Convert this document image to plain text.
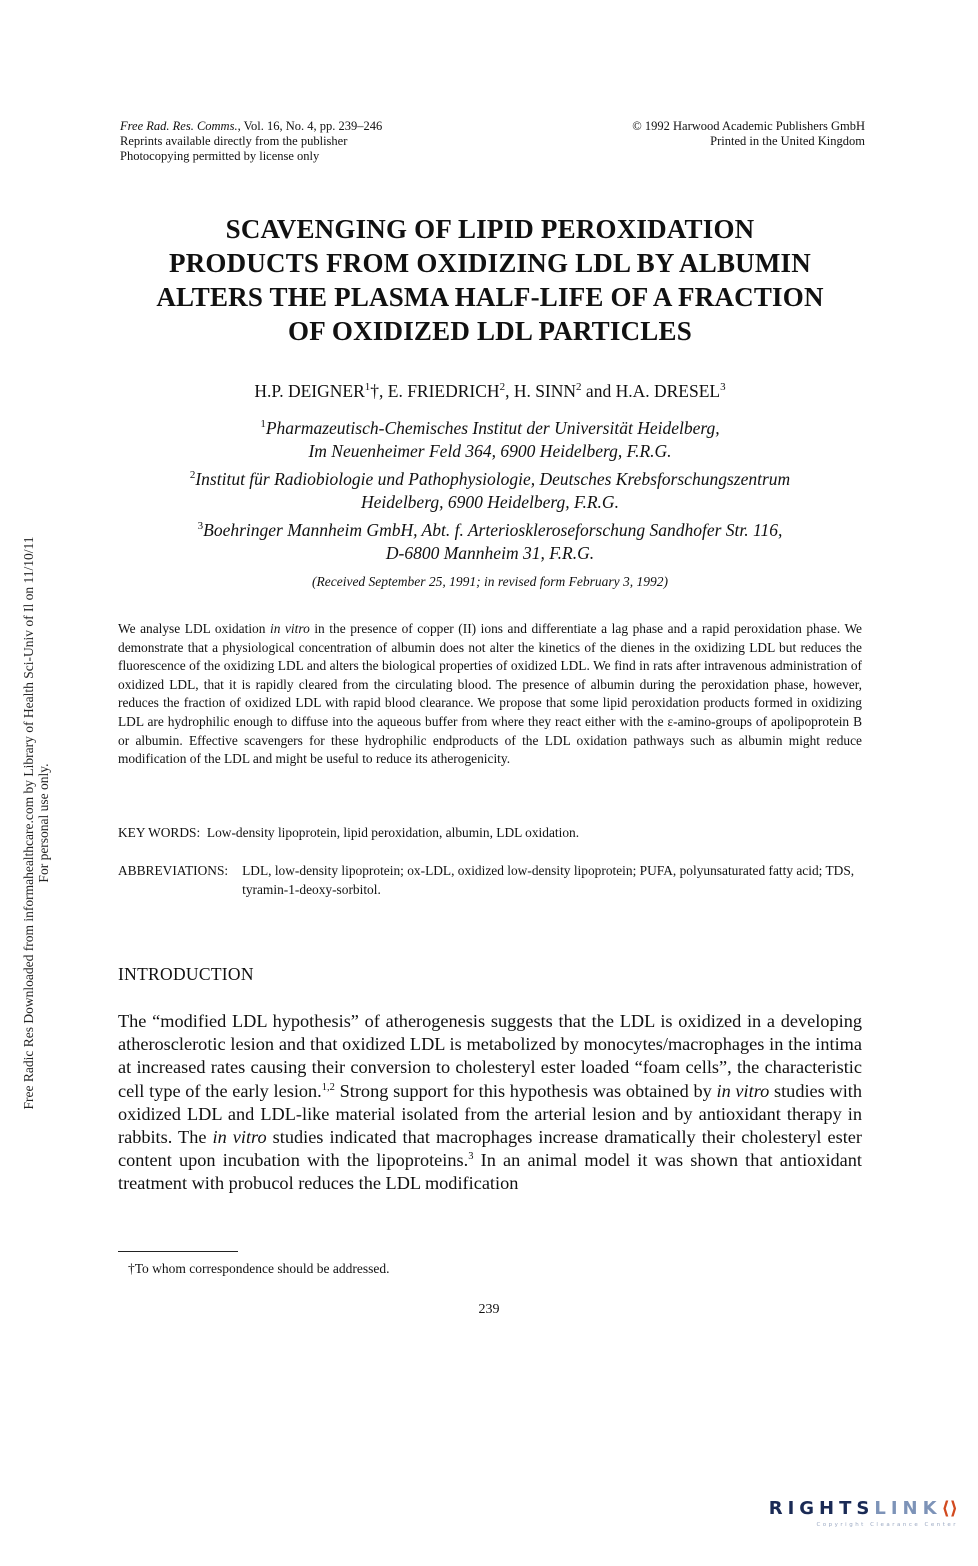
Free Rad. Res. Comms., Vol. 16, No. 4, pp. 239–246
Reprints available directly from the publisher
Photocopying permitted by license only
© 1992 Harwood Academic Publishers GmbH
Printed in the United Kingdom
SCAVENGING OF LIPID PEROXIDATION
PRODUCTS FROM OXIDIZING LDL BY ALBUMIN
ALTERS THE PLASMA HALF-LIFE OF A FRACTION
OF OXIDIZED LDL PARTICLES
H.P. DEIGNER$^1$†, E. FRIEDRICH$^2$, H. SINN$^2$ and H.A. DRESEL$^3$
$^1$Pharmazeutisch-Chemisches Institut der Universität Heidelberg,
Im Neuenheimer Feld 364, 6900 Heidelberg, F.R.G.
$^2$Institut für Radiobiologie und Pathophysiologie, Deutsches Krebsforschungszentrum
Heidelberg, 6900 Heidelberg, F.R.G.
$^3$Boehringer Mannheim GmbH, Abt. f. Arterioskleroseforschung Sandhofer Str. 116,
D-6800 Mannheim 31, F.R.G.
(Received September 25, 1991; in revised form February 3, 1992)
We analyse LDL oxidation in vitro in the presence of copper (II) ions and differentiate a lag phase and a rapid peroxidation phase. We demonstrate that a physiological concentration of albumin does not alter the kinetics of the dienes in the oxidizing LDL but reduces the fluorescence of the oxidizing LDL and alters the biological properties of oxidized LDL. We find in rats after intravenous administration of oxidized LDL, that it is rapidly cleared from the circulating blood. The presence of albumin during the peroxidation phase, however, reduces the fraction of oxidized LDL with rapid blood clearance. We propose that some lipid peroxidation products formed in oxidizing LDL are hydrophilic enough to diffuse into the aqueous buffer from where they react either with the ε-amino-groups of apolipoprotein B or albumin. Effective scavengers for these hydrophilic endproducts of the LDL oxidation pathways such as albumin might reduce modification of the LDL and might be useful to reduce its atherogenicity.
KEY WORDS: Low-density lipoprotein, lipid peroxidation, albumin, LDL oxidation.
ABBREVIATIONS:	LDL, low-density lipoprotein; ox-LDL, oxidized low-density lipoprotein; PUFA, polyunsaturated fatty acid; TDS, tyramin-1-deoxy-sorbitol.
INTRODUCTION
The “modified LDL hypothesis” of atherogenesis suggests that the LDL is oxidized in a developing atherosclerotic lesion and that oxidized LDL is metabolized by monocytes/macrophages in the intima at increased rates causing their conversion to cholesteryl ester loaded “foam cells”, the characteristic cell type of the early lesion.$^{1,2}$ Strong support for this hypothesis was obtained by in vitro studies with oxidized LDL and LDL-like material isolated from the arterial lesion and by antioxidant therapy in rabbits. The in vitro studies indicated that macrophages increase dramatically their cholesteryl ester content upon incubation with the lipoproteins.$^3$ In an animal model it was shown that antioxidant treatment with probucol reduces the LDL modification
†To whom correspondence should be addressed.
239
Free Radic Res Downloaded from informahealthcare.com by Library of Health Sci-Univ of Il on 11/10/11 For personal use only.
RIGHTSLINK⟨⟩
Copyright Clearance Center
